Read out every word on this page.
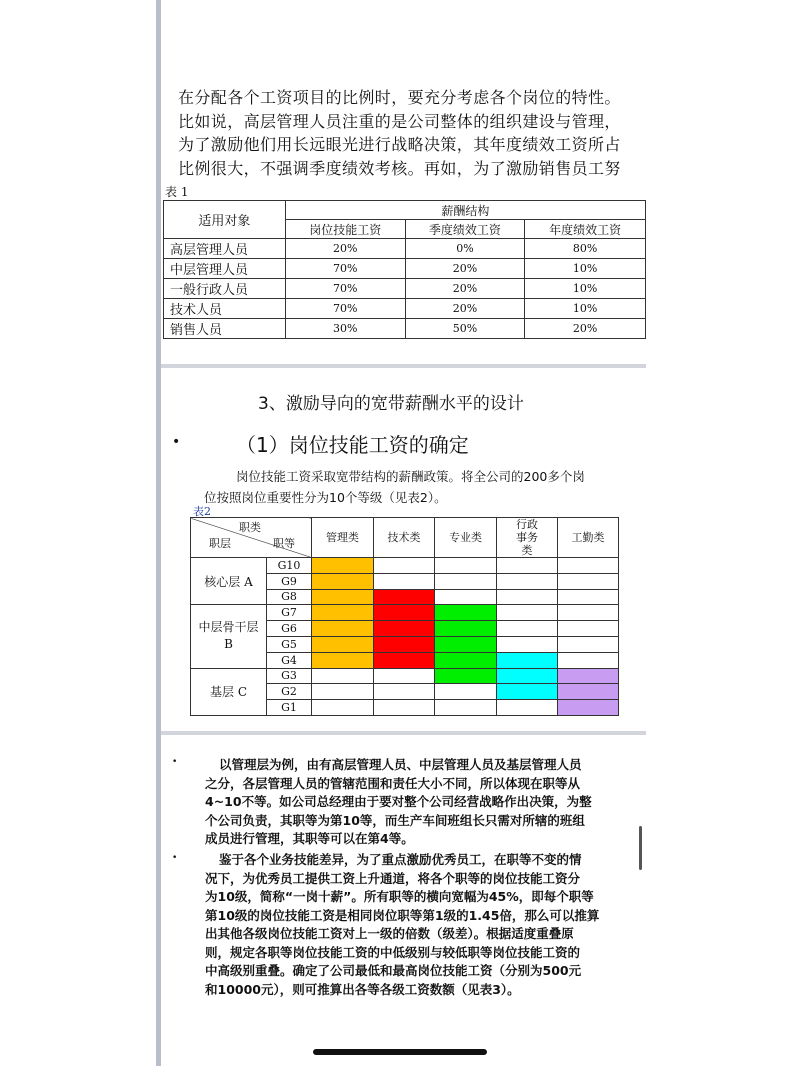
在分配各个工资项目的比例时，要充分考虑各个岗位的特性。
比如说，高层管理人员注重的是公司整体的组织建设与管理，
为了激励他们用长远眼光进行战略决策，其年度绩效工资所占
比例很大，不强调季度绩效考核。再如，为了激励销售员工努
表 1
适用对象	薪酬结构		
	岗位技能工资	季度绩效工资	年度绩效工资
高层管理人员	20%	0%	80%
中层管理人员	70%	20%	10%
一般行政人员	70%	20%	10%
技术人员	70%	20%	10%
销售人员	30%	50%	20%
3、激励导向的宽带薪酬水平的设计
•	（1）岗位技能工资的确定
岗位技能工资采取宽带结构的薪酬政策。将全公司的200多个岗
位按照岗位重要性分为10个等级（见表2）。
表2
职类
职层 职等		管理类	技术类	专业类	行政事务类	工勤类

核心层 A	G10					
	G9					
	G8					
中层骨干层 B	G7					
	G6					
	G5					
	G4					
基层 C	G3					
	G2					
	G1					
•	以管理层为例，由有高层管理人员、中层管理人员及基层管理人员
之分，各层管理人员的管辖范围和责任大小不同，所以体现在职等从
4~10不等。如公司总经理由于要对整个公司经营战略作出决策，为整
个公司负责，其职等为第10等，而生产车间班组长只需对所辖的班组
成员进行管理，其职等可以在第4等。
•	鉴于各个业务技能差异，为了重点激励优秀员工，在职等不变的情
况下，为优秀员工提供工资上升通道，将各个职等的岗位技能工资分
为10级，简称“一岗十薪”。所有职等的横向宽幅为45%，即每个职等
第10级的岗位技能工资是相同岗位职等第1级的1.45倍，那么可以推算
出其他各级岗位技能工资对上一级的倍数（级差）。根据适度重叠原
则，规定各职等岗位技能工资的中低级别与较低职等岗位技能工资的
中高级别重叠。确定了公司最低和最高岗位技能工资（分别为500元
和10000元），则可推算出各等各级工资数额（见表3）。
